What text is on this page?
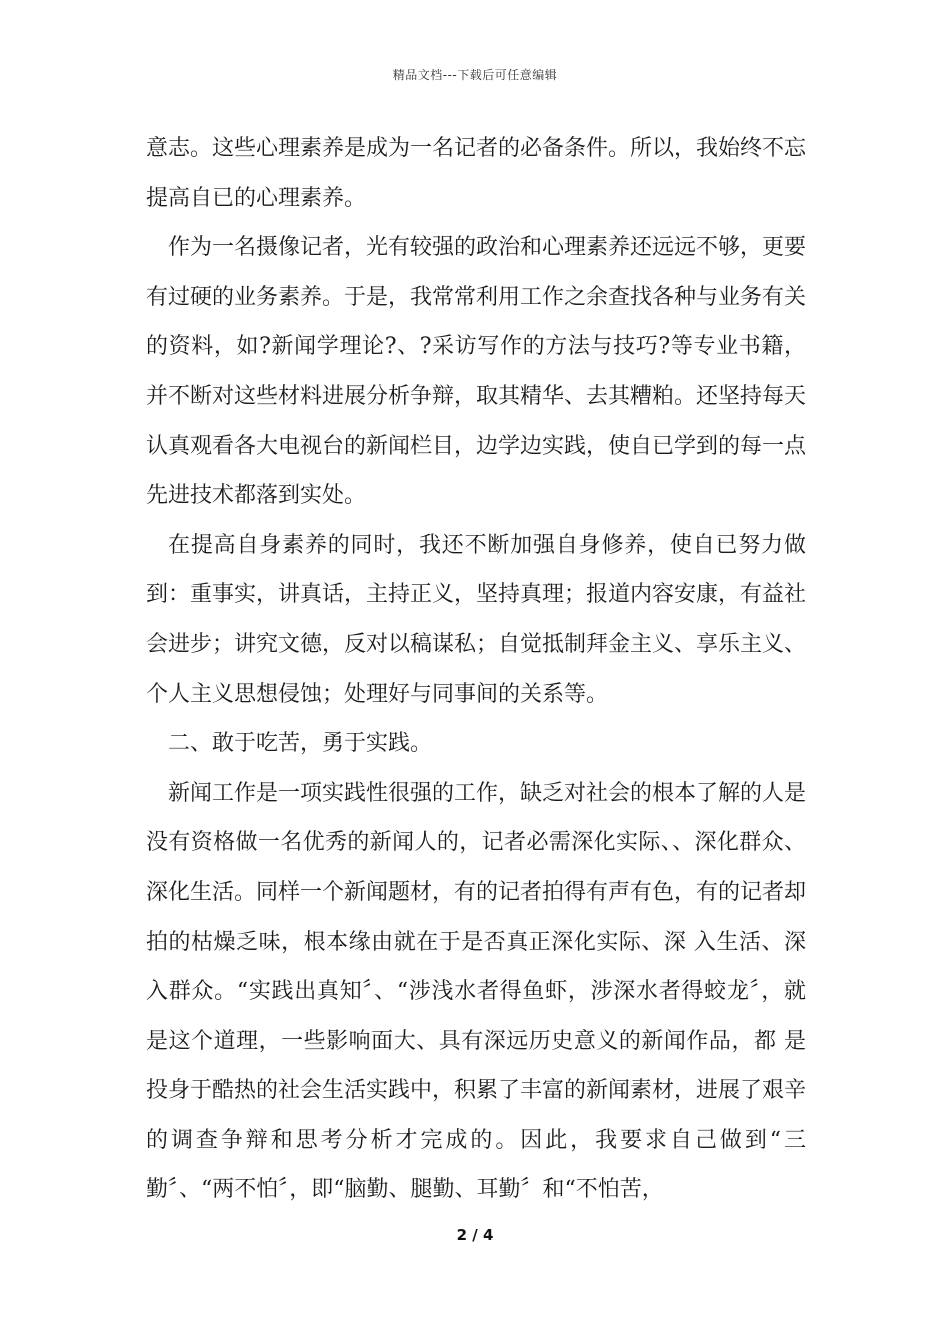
精品文档---下载后可任意编辑

意志。这些心理素养是成为一名记者的必备条件。所以，我始终不忘提高自已的心理素养。

作为一名摄像记者，光有较强的政治和心理素养还远远不够，更要有过硬的业务素养。于是，我常常利用工作之余查找各种与业务有关的资料，如?新闻学理论?、?采访写作的方法与技巧?等专业书籍，并不断对这些材料进展分析争辩，取其精华、去其糟粕。还坚持每天认真观看各大电视台的新闻栏目，边学边实践，使自已学到的每一点先进技术都落到实处。

在提高自身素养的同时，我还不断加强自身修养，使自已努力做到：重事实，讲真话，主持正义，坚持真理；报道内容安康，有益社会进步；讲究文德，反对以稿谋私；自觉抵制拜金主义、享乐主义、个人主义思想侵蚀；处理好与同事间的关系等。

二、敢于吃苦，勇于实践。

新闻工作是一项实践性很强的工作，缺乏对社会的根本了解的人是没有资格做一名优秀的新闻人的，记者必需深化实际、、深化群众、深化生活。同样一个新闻题材，有的记者拍得有声有色，有的记者却拍的枯燥乏味，根本缘由就在于是否真正深化实际、深 入生活、深 入群众。“实践出真知〞、“涉浅水者得鱼虾，涉深水者得蛟龙〞，就是这个道理，一些影响面大、具有深远历史意义的新闻作品，都 是投身于酷热的社会生活实践中，积累了丰富的新闻素材，进展了艰辛的调查争辩和思考分析才完成的。因此，我要求自己做到“三勤〞、“两不怕〞，即“脑勤、腿勤、耳勤〞和“不怕苦，

2 / 4
